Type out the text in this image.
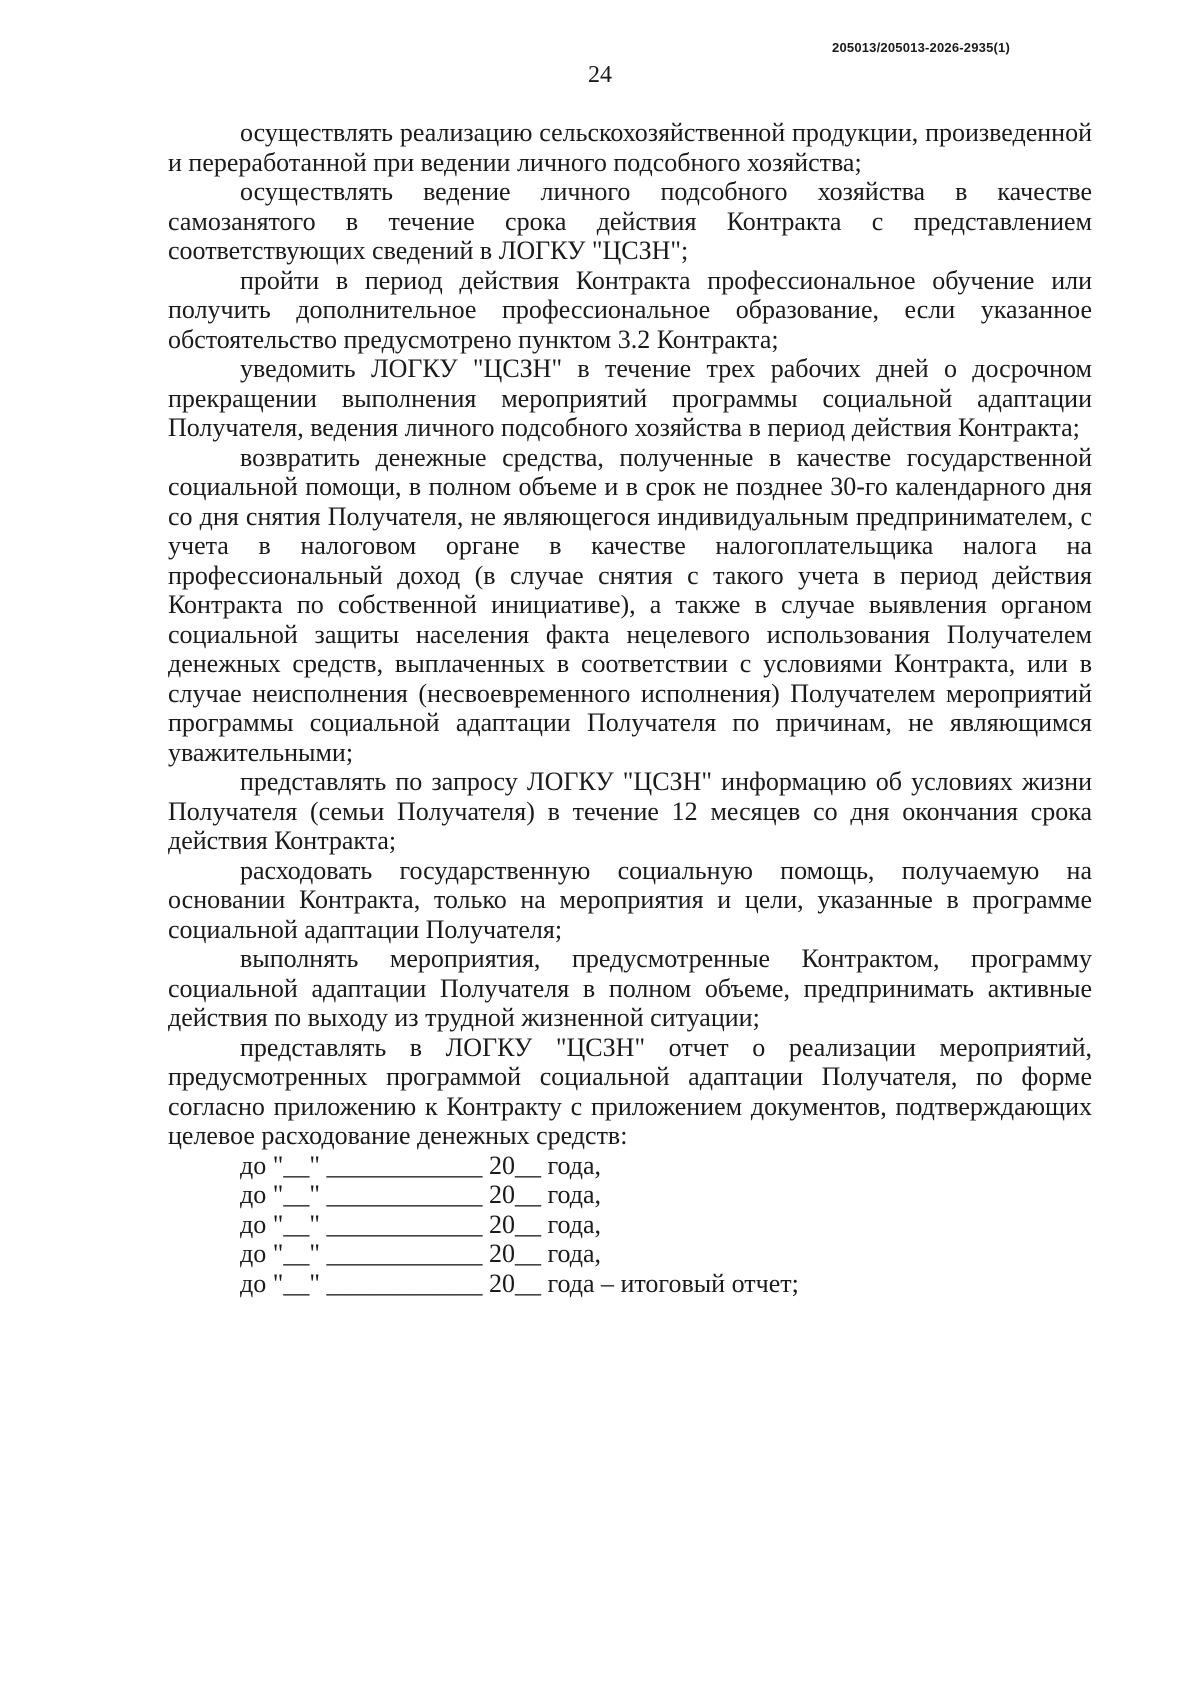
205013/205013-2026-2935(1)
24

осуществлять реализацию сельскохозяйственной продукции, произведенной и переработанной при ведении личного подсобного хозяйства;

осуществлять ведение личного подсобного хозяйства в качестве самозанятого в течение срока действия Контракта с представлением соответствующих сведений в ЛОГКУ "ЦСЗН";

пройти в период действия Контракта профессиональное обучение или получить дополнительное профессиональное образование, если указанное обстоятельство предусмотрено пунктом 3.2 Контракта;

уведомить ЛОГКУ "ЦСЗН" в течение трех рабочих дней о досрочном прекращении выполнения мероприятий программы социальной адаптации Получателя, ведения личного подсобного хозяйства в период действия Контракта;

возвратить денежные средства, полученные в качестве государственной социальной помощи, в полном объеме и в срок не позднее 30-го календарного дня со дня снятия Получателя, не являющегося индивидуальным предпринимателем, с учета в налоговом органе в качестве налогоплательщика налога на профессиональный доход (в случае снятия с такого учета в период действия Контракта по собственной инициативе), а также в случае выявления органом социальной защиты населения факта нецелевого использования Получателем денежных средств, выплаченных в соответствии с условиями Контракта, или в случае неисполнения (несвоевременного исполнения) Получателем мероприятий программы социальной адаптации Получателя по причинам, не являющимся уважительными;

представлять по запросу ЛОГКУ "ЦСЗН" информацию об условиях жизни Получателя (семьи Получателя) в течение 12 месяцев со дня окончания срока действия Контракта;

расходовать государственную социальную помощь, получаемую на основании Контракта, только на мероприятия и цели, указанные в программе социальной адаптации Получателя;

выполнять мероприятия, предусмотренные Контрактом, программу социальной адаптации Получателя в полном объеме, предпринимать активные действия по выходу из трудной жизненной ситуации;

представлять в ЛОГКУ "ЦСЗН" отчет о реализации мероприятий, предусмотренных программой социальной адаптации Получателя, по форме согласно приложению к Контракту с приложением документов, подтверждающих целевое расходование денежных средств:

до "__" ____________ 20__ года,
до "__" ____________ 20__ года,
до "__" ____________ 20__ года,
до "__" ____________ 20__ года,
до "__" ____________ 20__ года – итоговый отчет;
